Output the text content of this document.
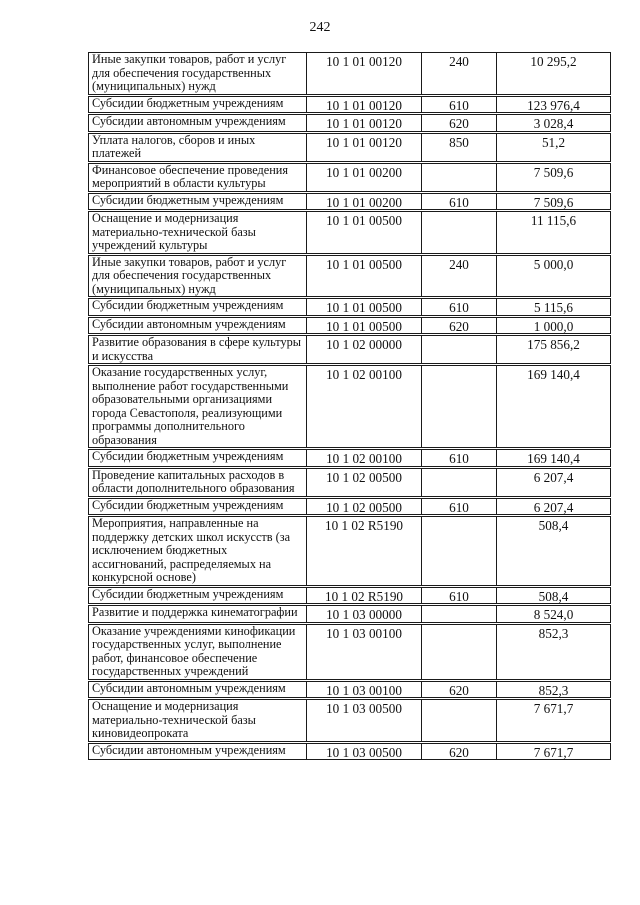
242
Иные закупки товаров, работ и услуг для обеспечения государственных (муниципальных) нужд	10 1 01 00120	240	10 295,2
Субсидии бюджетным учреждениям	10 1 01 00120	610	123 976,4
Субсидии автономным учреждениям	10 1 01 00120	620	3 028,4
Уплата налогов, сборов и иных платежей	10 1 01 00120	850	51,2
Финансовое обеспечение проведения мероприятий в области культуры	10 1 01 00200		7 509,6
Субсидии бюджетным учреждениям	10 1 01 00200	610	7 509,6
Оснащение и модернизация материально-технической базы учреждений культуры	10 1 01 00500		11 115,6
Иные закупки товаров, работ и услуг для обеспечения государственных (муниципальных) нужд	10 1 01 00500	240	5 000,0
Субсидии бюджетным учреждениям	10 1 01 00500	610	5 115,6
Субсидии автономным учреждениям	10 1 01 00500	620	1 000,0
Развитие образования в сфере культуры и искусства	10 1 02 00000		175 856,2
Оказание государственных услуг, выполнение работ государственными образовательными организациями города Севастополя, реализующими программы дополнительного образования	10 1 02 00100		169 140,4
Субсидии бюджетным учреждениям	10 1 02 00100	610	169 140,4
Проведение капитальных расходов в области дополнительного образования	10 1 02 00500		6 207,4
Субсидии бюджетным учреждениям	10 1 02 00500	610	6 207,4
Мероприятия, направленные на поддержку детских школ искусств (за исключением бюджетных ассигнований, распределяемых на конкурсной основе)	10 1 02 R5190		508,4
Субсидии бюджетным учреждениям	10 1 02 R5190	610	508,4
Развитие и поддержка кинематографии	10 1 03 00000		8 524,0
Оказание учреждениями кинофикации государственных услуг, выполнение работ, финансовое обеспечение государственных учреждений	10 1 03 00100		852,3
Субсидии автономным учреждениям	10 1 03 00100	620	852,3
Оснащение и модернизация материально-технической базы киновидеопроката	10 1 03 00500		7 671,7
Субсидии автономным учреждениям	10 1 03 00500	620	7 671,7
